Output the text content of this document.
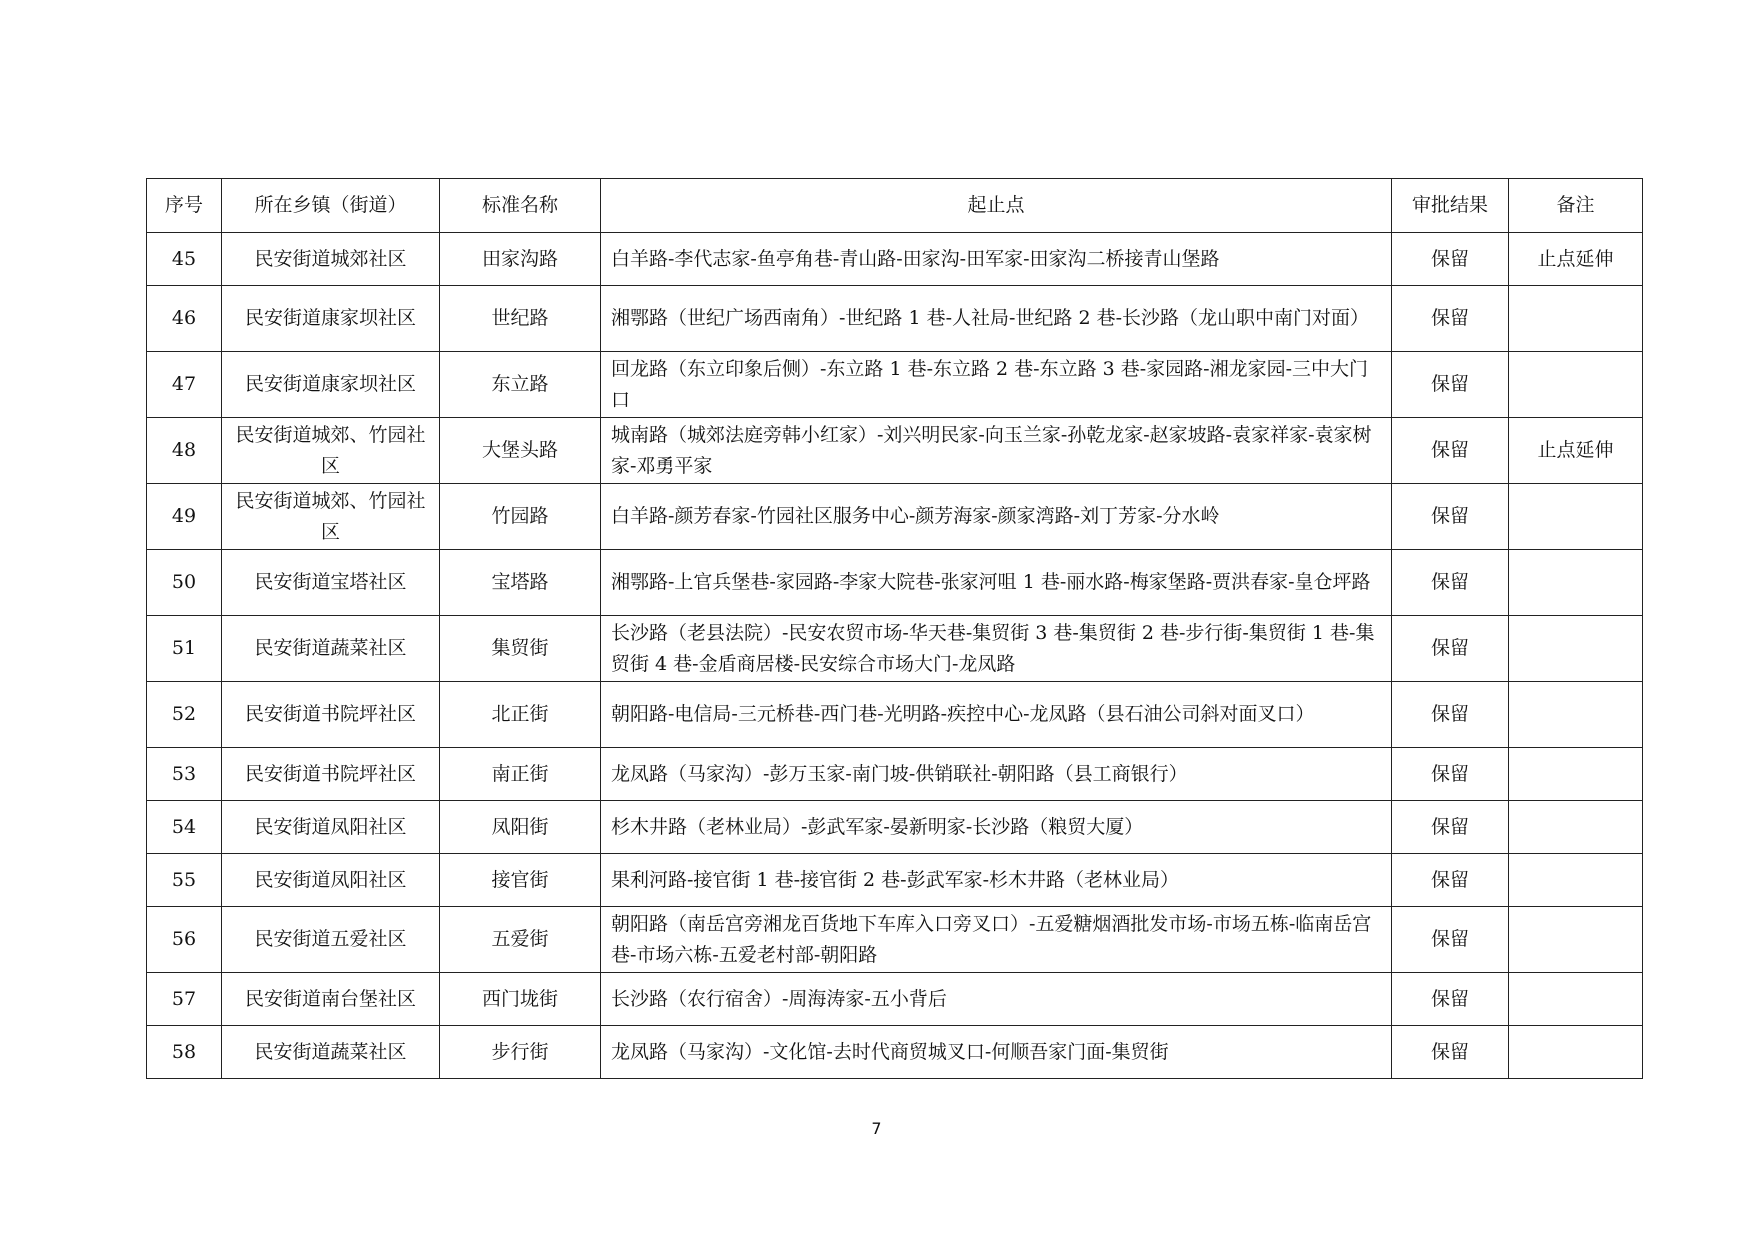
序号	所在乡镇（街道）	标准名称	起止点	审批结果	备注
45	民安街道城郊社区	田家沟路	白羊路-李代志家-鱼亭角巷-青山路-田家沟-田军家-田家沟二桥接青山堡路	保留	止点延伸
46	民安街道康家坝社区	世纪路	湘鄂路（世纪广场西南角）-世纪路 1 巷-人社局-世纪路 2 巷-长沙路（龙山职中南门对面）	保留	
47	民安街道康家坝社区	东立路	回龙路（东立印象后侧）-东立路 1 巷-东立路 2 巷-东立路 3 巷-家园路-湘龙家园-三中大门口	保留	
48	民安街道城郊、竹园社区	大堡头路	城南路（城郊法庭旁韩小红家）-刘兴明民家-向玉兰家-孙乾龙家-赵家坡路-袁家祥家-袁家树家-邓勇平家	保留	止点延伸
49	民安街道城郊、竹园社区	竹园路	白羊路-颜芳春家-竹园社区服务中心-颜芳海家-颜家湾路-刘丁芳家-分水岭	保留	
50	民安街道宝塔社区	宝塔路	湘鄂路-上官兵堡巷-家园路-李家大院巷-张家河咀 1 巷-丽水路-梅家堡路-贾洪春家-皇仓坪路	保留	
51	民安街道蔬菜社区	集贸街	长沙路（老县法院）-民安农贸市场-华天巷-集贸街 3 巷-集贸街 2 巷-步行街-集贸街 1 巷-集贸街 4 巷-金盾商居楼-民安综合市场大门-龙凤路	保留	
52	民安街道书院坪社区	北正街	朝阳路-电信局-三元桥巷-西门巷-光明路-疾控中心-龙凤路（县石油公司斜对面叉口）	保留	
53	民安街道书院坪社区	南正街	龙凤路（马家沟）-彭万玉家-南门坡-供销联社-朝阳路（县工商银行）	保留	
54	民安街道凤阳社区	凤阳街	杉木井路（老林业局）-彭武军家-晏新明家-长沙路（粮贸大厦）	保留	
55	民安街道凤阳社区	接官街	果利河路-接官街 1 巷-接官街 2 巷-彭武军家-杉木井路（老林业局）	保留	
56	民安街道五爱社区	五爱街	朝阳路（南岳宫旁湘龙百货地下车库入口旁叉口）-五爱糖烟酒批发市场-市场五栋-临南岳宫巷-市场六栋-五爱老村部-朝阳路	保留	
57	民安街道南台堡社区	西门垅街	长沙路（农行宿舍）-周海涛家-五小背后	保留	
58	民安街道蔬菜社区	步行街	龙凤路（马家沟）-文化馆-去时代商贸城叉口-何顺吾家门面-集贸街	保留	
7
